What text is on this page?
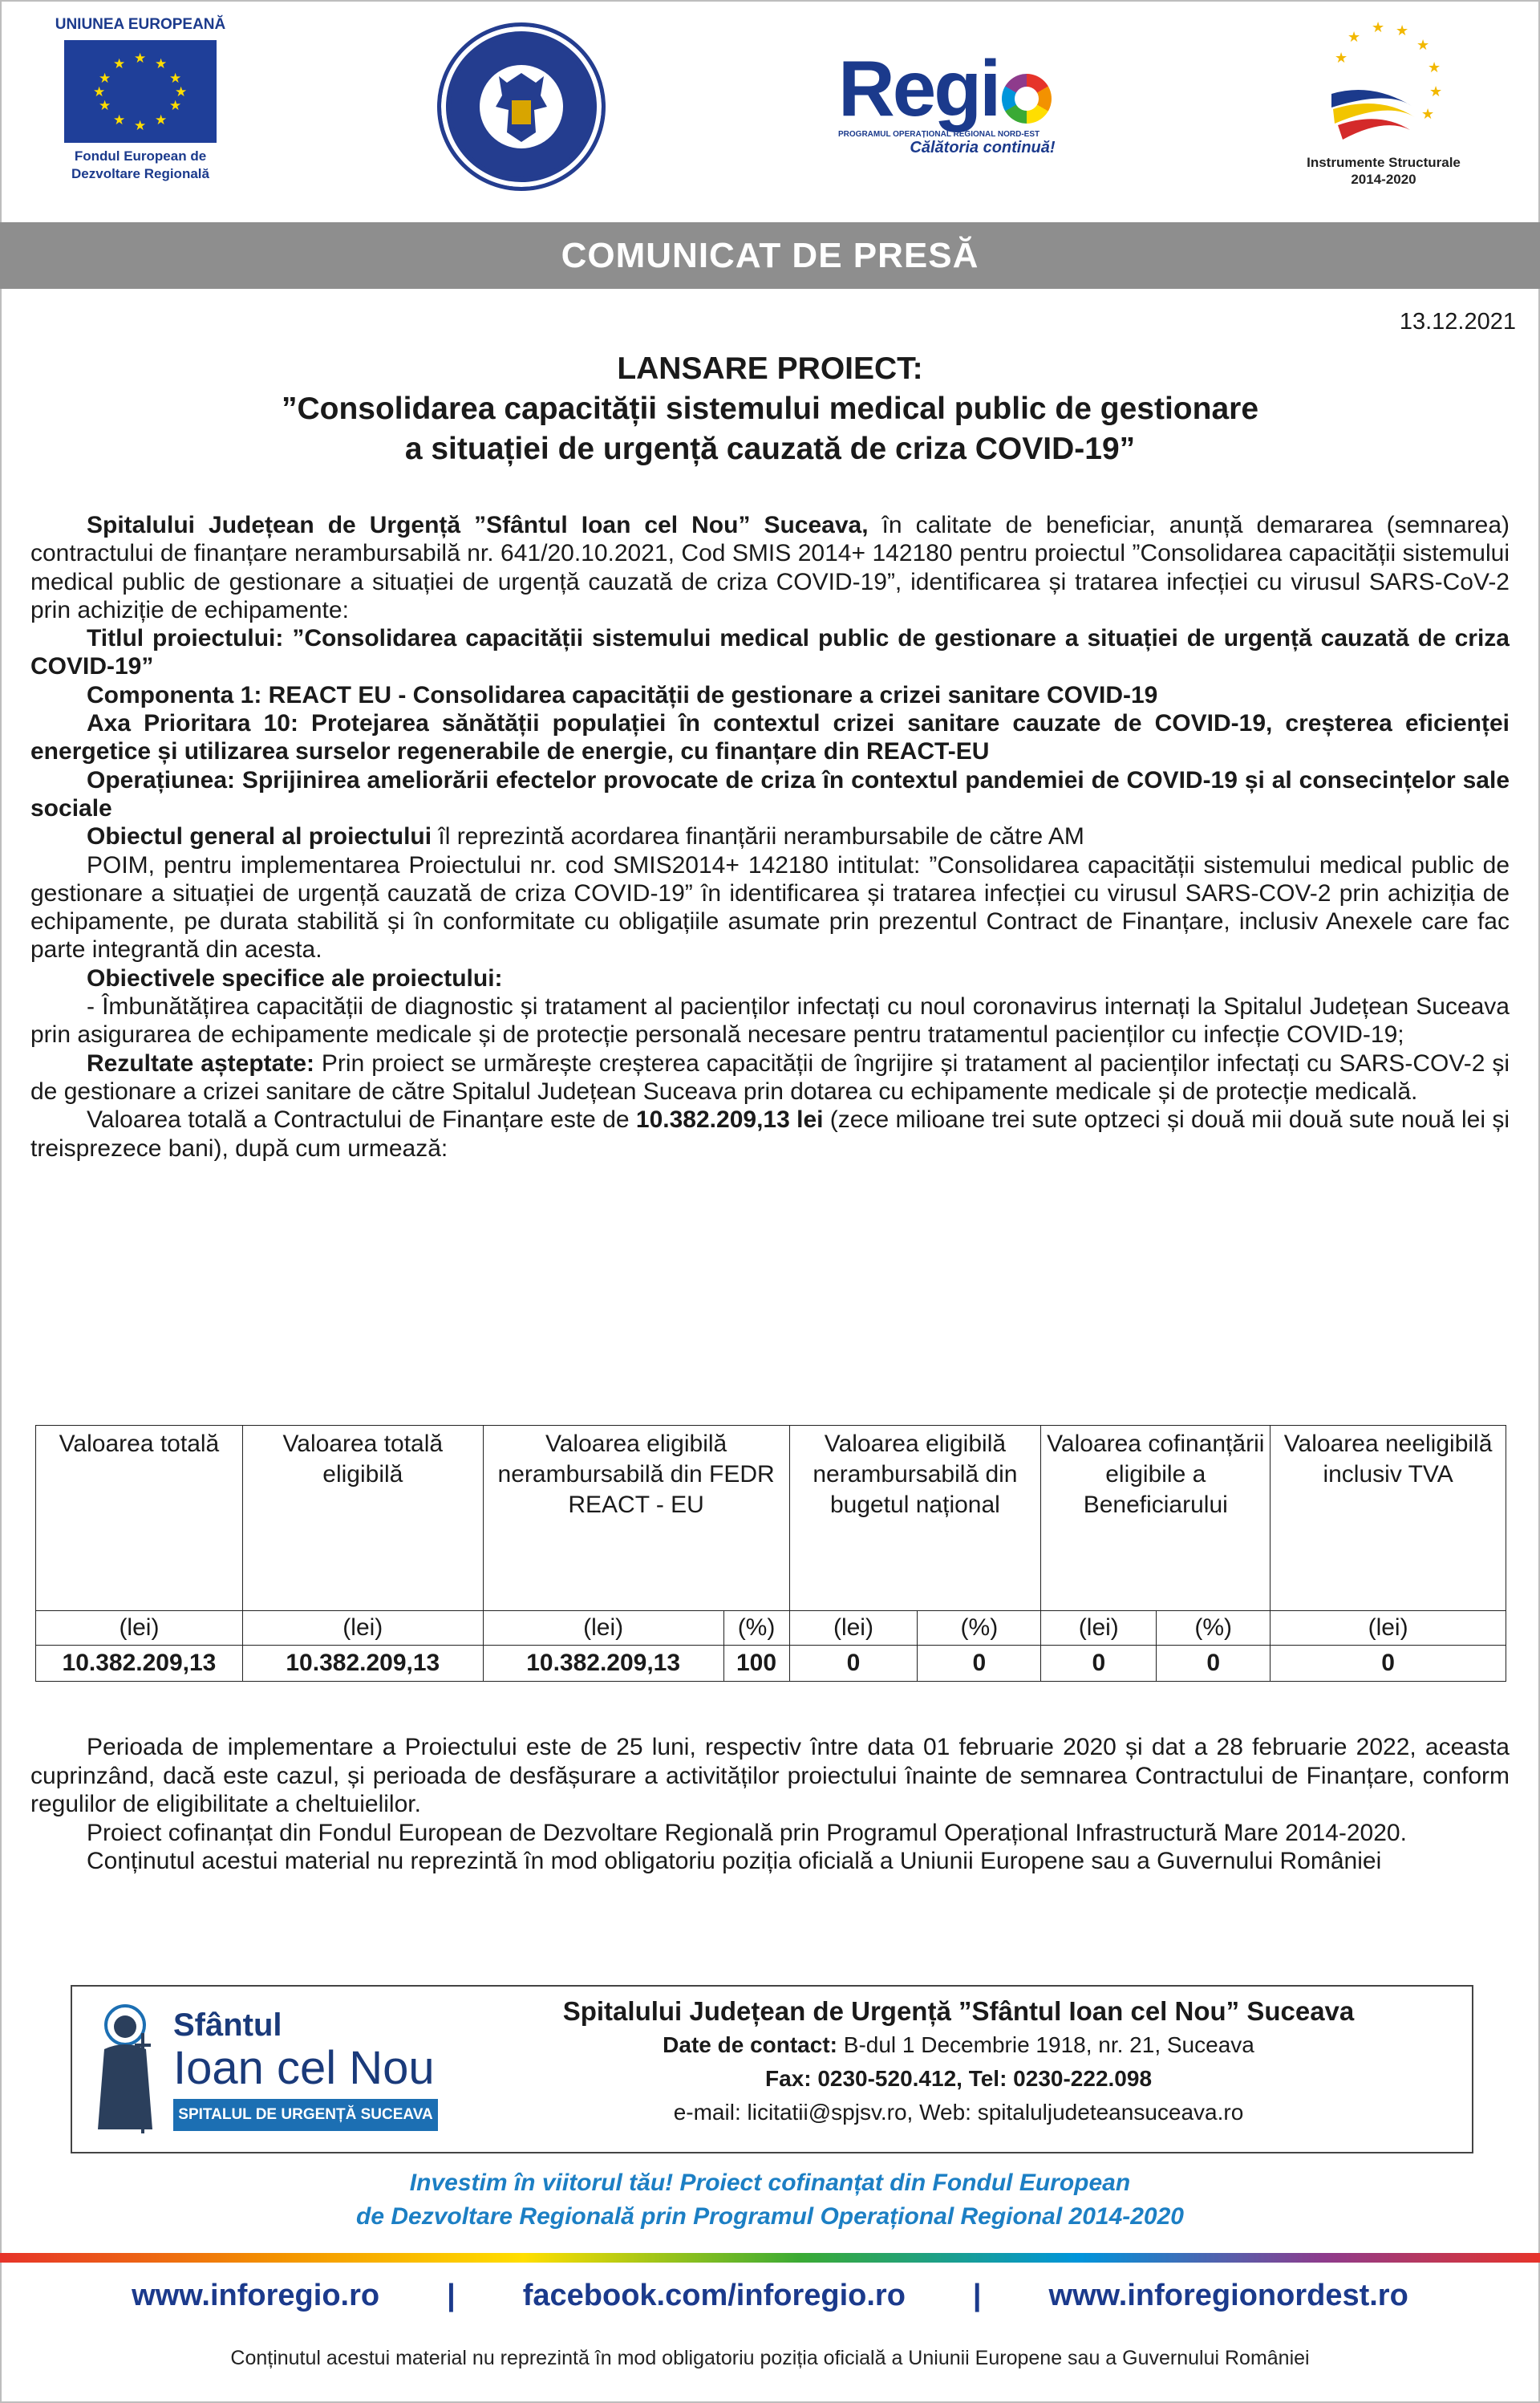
UNIUNEA EUROPEANĂ
★ ★
★
★
★
★
★
★
★
★
★
★
Fondul European de
Dezvoltare Regională
Regi
PROGRAMUL OPERAȚIONAL REGIONAL NORD-EST
Călătoria continuă!
★
★ ★
★
★
★
★
★
Instrumente Structurale
2014-2020
COMUNICAT DE PRESĂ
13.12.2021
LANSARE PROIECT:
”Consolidarea capacității sistemului medical public de gestionare
a situației de urgență cauzată de criza COVID-19”

Spitalului Județean de Urgență ”Sfântul Ioan cel Nou” Suceava, în calitate de beneficiar, anunță demararea (semnarea) contractului de finanțare nerambursabilă nr. 641/20.10.2021, Cod SMIS 2014+ 142180 pentru proiectul ”Consolidarea capacității sistemului medical public de gestionare a situației de urgență cauzată de criza COVID-19”, identificarea și tratarea infecției cu virusul SARS-CoV-2 prin achiziție de echipamente:

Titlul proiectului: ”Consolidarea capacității sistemului medical public de gestionare a situației de urgență cauzată de criza COVID-19”

Componenta 1: REACT EU - Consolidarea capacității de gestionare a crizei sanitare COVID-19

Axa Prioritara 10: Protejarea sănătății populației în contextul crizei sanitare cauzate de COVID-19, creșterea eficienței energetice și utilizarea surselor regenerabile de energie, cu finanțare din REACT-EU

Operațiunea: Sprijinirea ameliorării efectelor provocate de criza în contextul pandemiei de COVID-19 și al consecințelor sale sociale

Obiectul general al proiectului îl reprezintă acordarea finanțării nerambursabile de către AM

POIM, pentru implementarea Proiectului nr. cod SMIS2014+ 142180 intitulat: ”Consolidarea capacității sistemului medical public de gestionare a situației de urgență cauzată de criza COVID-19” în identificarea și tratarea infecției cu virusul SARS-COV-2 prin achiziția de echipamente, pe durata stabilită și în conformitate cu obligațiile asumate prin prezentul Contract de Finanțare, inclusiv Anexele care fac parte integrantă din acesta.

Obiectivele specifice ale proiectului:

- Îmbunătățirea capacității de diagnostic și tratament al pacienților infectați cu noul coronavirus internați la Spitalul Județean Suceava prin asigurarea de echipamente medicale și de protecție personală necesare pentru tratamentul pacienților cu infecție COVID-19;

Rezultate așteptate: Prin proiect se urmărește creșterea capacității de îngrijire și tratament al pacienților infectați cu SARS-COV-2 și de gestionare a crizei sanitare de către Spitalul Județean Suceava prin dotarea cu echipamente medicale și de protecție medicală.

Valoarea totală a Contractului de Finanțare este de 10.382.209,13 lei (zece milioane trei sute optzeci și două mii două sute nouă lei și treisprezece bani), după cum urmează:

Valoarea totală	Valoarea totală eligibilă	Valoarea eligibilă nerambursabilă din FEDR REACT - EU		Valoarea eligibilă nerambursabilă din bugetul național		Valoarea cofinanțării eligibile a Beneficiarului		Valoarea neeligibilă inclusiv TVA
(lei)	(lei)	(lei)	(%)	(lei)	(%)	(lei)	(%)	(lei)
10.382.209,13	10.382.209,13	10.382.209,13	100	0	0	0	0	0

Perioada de implementare a Proiectului este de 25 luni, respectiv între data 01 februarie 2020 și dat a 28 februarie 2022, aceasta cuprinzând, dacă este cazul, și perioada de desfășurare a activităților proiectului înainte de semnarea Contractului de Finanțare, conform regulilor de eligibilitate a cheltuielilor.

Proiect cofinanțat din Fondul European de Dezvoltare Regională prin Programul Operațional Infrastructură Mare 2014-2020.

Conținutul acestui material nu reprezintă în mod obligatoriu poziția oficială a Uniunii Europene sau a Guvernului României

Sfântul
Ioan cel Nou
SPITALUL DE URGENȚĂ SUCEAVA
Spitalului Județean de Urgență ”Sfântul Ioan cel Nou” Suceava
Date de contact: B-dul 1 Decembrie 1918, nr. 21, Suceava
Fax: 0230-520.412, Tel: 0230-222.098
e-mail: licitatii@spjsv.ro, Web: spitaluljudeteansuceava.ro
Investim în viitorul tău! Proiect cofinanțat din Fondul European
de Dezvoltare Regională prin Programul Operațional Regional 2014-2020
www.inforegio.ro | facebook.com/inforegio.ro | www.inforegionordest.ro
Conținutul acestui material nu reprezintă în mod obligatoriu poziția oficială a Uniunii Europene sau a Guvernului României
